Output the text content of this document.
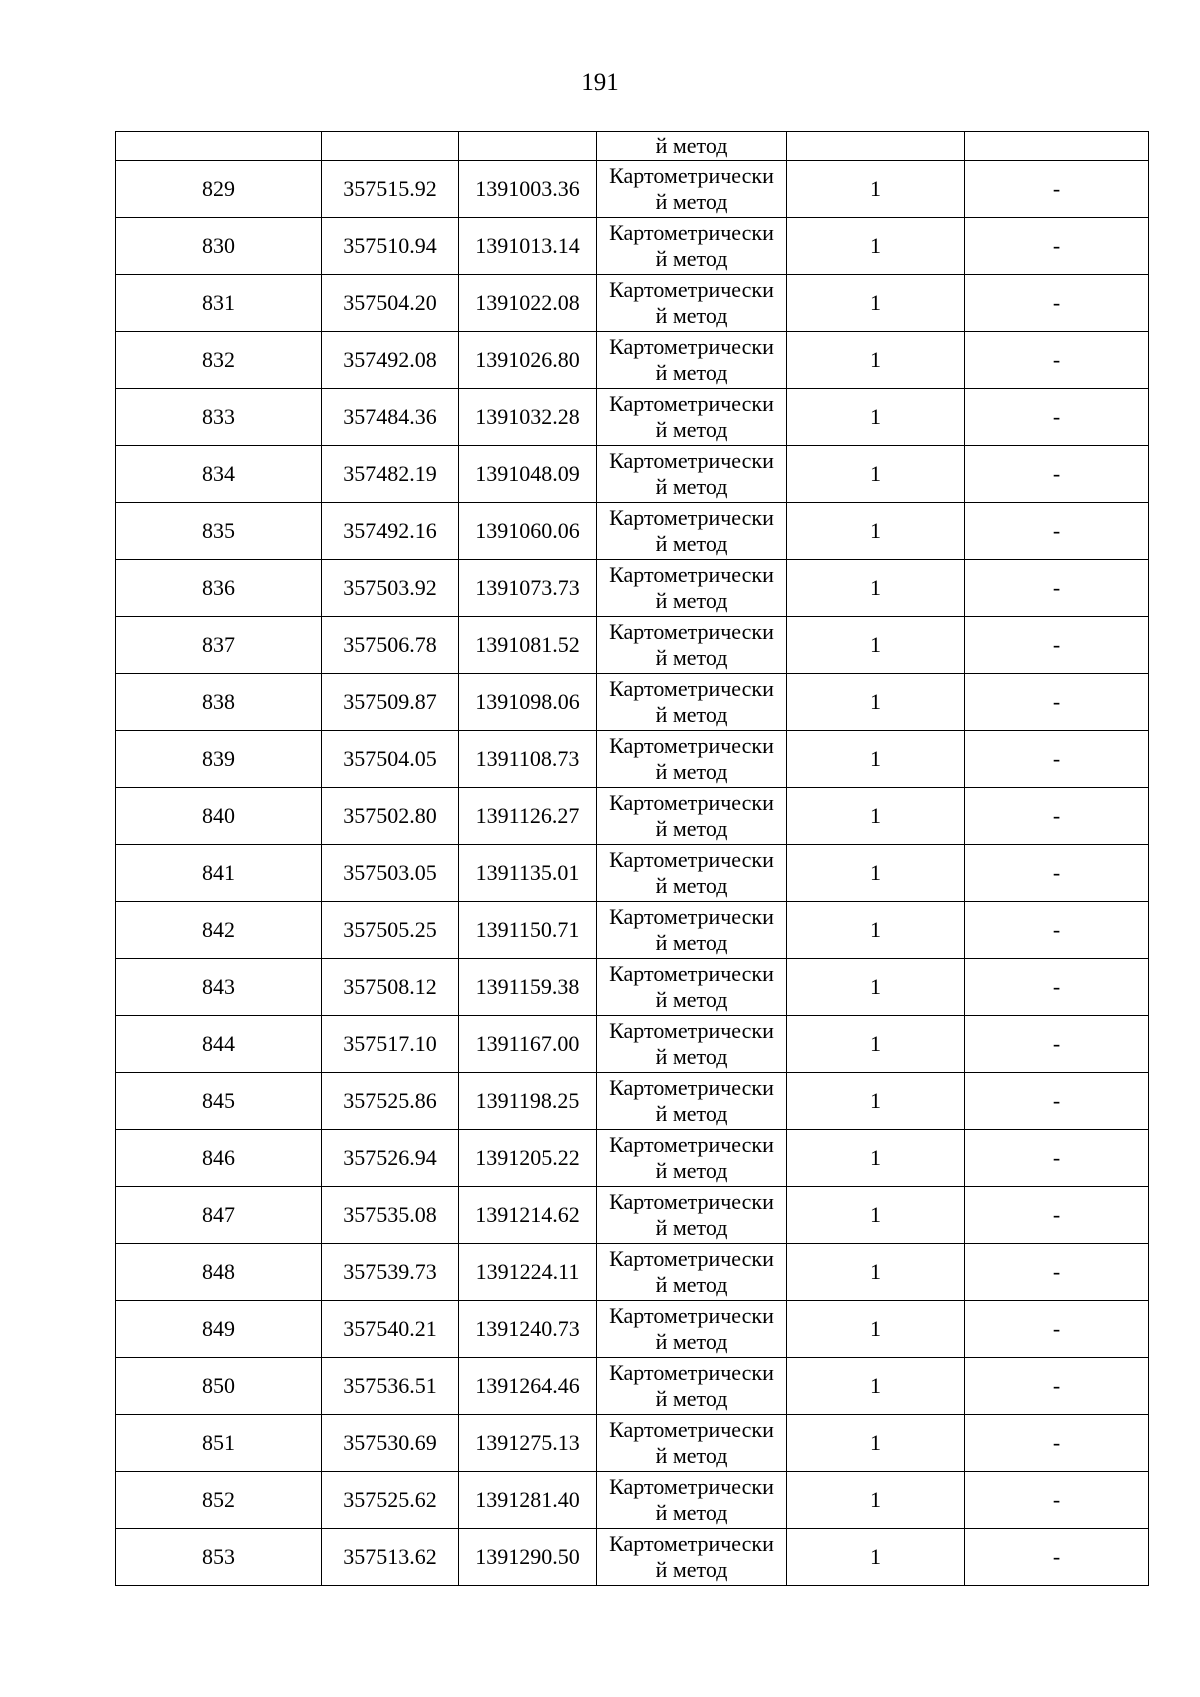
191

			й метод		

829	357515.92	1391003.36	Картометрически
й метод	1	-
830	357510.94	1391013.14	Картометрически
й метод	1	-
831	357504.20	1391022.08	Картометрически
й метод	1	-
832	357492.08	1391026.80	Картометрически
й метод	1	-
833	357484.36	1391032.28	Картометрически
й метод	1	-
834	357482.19	1391048.09	Картометрически
й метод	1	-
835	357492.16	1391060.06	Картометрически
й метод	1	-
836	357503.92	1391073.73	Картометрически
й метод	1	-
837	357506.78	1391081.52	Картометрически
й метод	1	-
838	357509.87	1391098.06	Картометрически
й метод	1	-
839	357504.05	1391108.73	Картометрически
й метод	1	-
840	357502.80	1391126.27	Картометрически
й метод	1	-
841	357503.05	1391135.01	Картометрически
й метод	1	-
842	357505.25	1391150.71	Картометрически
й метод	1	-
843	357508.12	1391159.38	Картометрически
й метод	1	-
844	357517.10	1391167.00	Картометрически
й метод	1	-
845	357525.86	1391198.25	Картометрически
й метод	1	-
846	357526.94	1391205.22	Картометрически
й метод	1	-
847	357535.08	1391214.62	Картометрически
й метод	1	-
848	357539.73	1391224.11	Картометрически
й метод	1	-
849	357540.21	1391240.73	Картометрически
й метод	1	-
850	357536.51	1391264.46	Картометрически
й метод	1	-
851	357530.69	1391275.13	Картометрически
й метод	1	-
852	357525.62	1391281.40	Картометрически
й метод	1	-
853	357513.62	1391290.50	Картометрически
й метод	1	-
